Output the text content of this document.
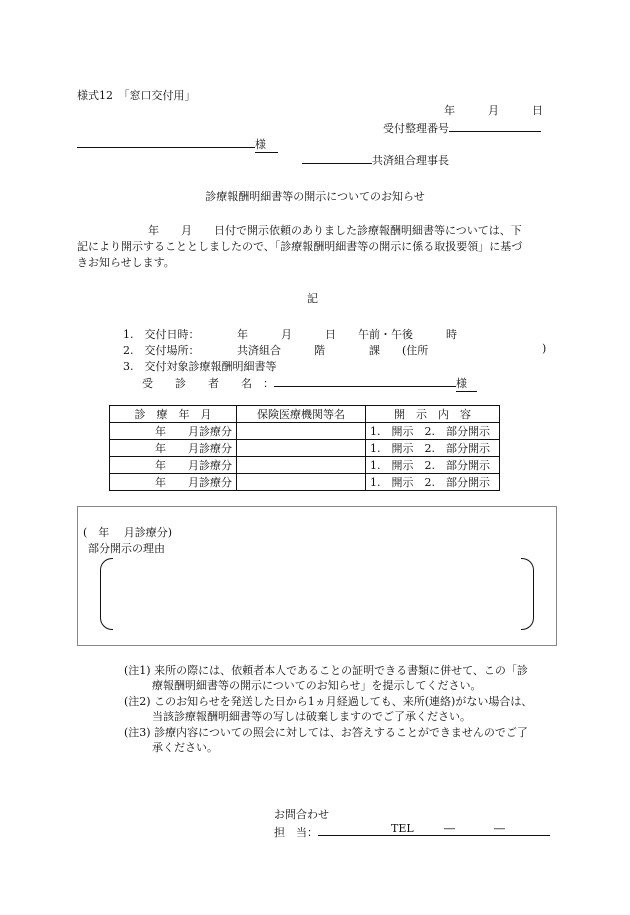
様式12　「窓口交付用」
年　　　月　　　日
受付整理番号
様
共済組合理事長
診療報酬明細書等の開示についてのお知らせ
年　　月　　日付で開示依頼のありました診療報酬明細書等については、下
記により開示することとしましたので、「診療報酬明細書等の開示に係る取扱要領」に基づ
きお知らせします。
記
1.　交付日時：	年　　　月　　　日　　午前・午後　　　時
2.　交付場所：	共済組合　　　階　　　　課　　(住所	)
3.　交付対象診療報酬明細書等
受　　診　　者　　名　：	様
診　療　年　月	保険医療機関等名	開　示　内　容
年　　月診療分		1.　開示　2.　部分開示
年　　月診療分		1.　開示　2.　部分開示
年　　月診療分		1.　開示　2.　部分開示
年　　月診療分		1.　開示　2.　部分開示
(　年　 月診療分)
部分開示の理由
(注1) 来所の際には、依頼者本人であることの証明できる書類に併せて、この「診
療報酬明細書等の開示についてのお知らせ」を提示してください。
(注2) このお知らせを発送した日から1ヵ月経過しても、来所(連絡)がない場合は、
当該診療報酬明細書等の写しは破棄しますのでご了承ください。
(注3) 診療内容についての照会に対しては、お答えすることができませんのでご了
承ください。
お問合わせ
担　当：	TEL	―	―
